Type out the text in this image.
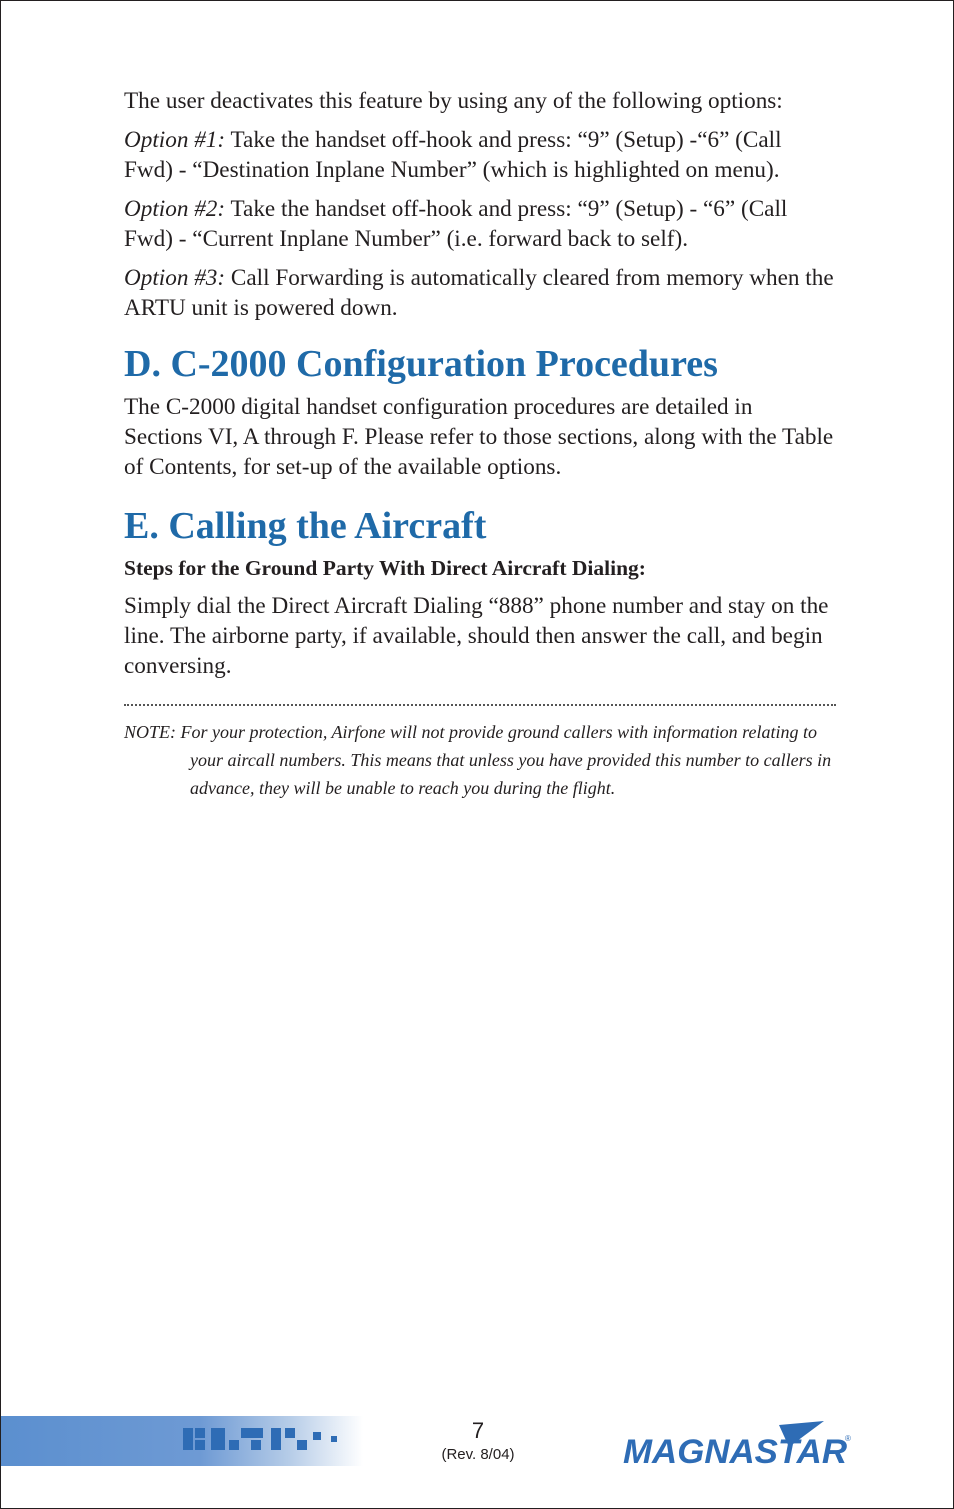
The user deactivates this feature by using any of the following options:

Option #1: Take the handset off-hook and press: “9” (Setup) -“6” (Call Fwd) - “Destination Inplane Number” (which is highlighted on menu).

Option #2: Take the handset off-hook and press: “9” (Setup) - “6” (Call Fwd) - “Current Inplane Number” (i.e. forward back to self).

Option #3: Call Forwarding is automatically cleared from memory when the ARTU unit is powered down.

D. C-2000 Configuration Procedures

The C-2000 digital handset configuration procedures are detailed in Sections VI, A through F. Please refer to those sections, along with the Table of Contents, for set-up of the available options.

E. Calling the Aircraft

Steps for the Ground Party With Direct Aircraft Dialing:

Simply dial the Direct Aircraft Dialing “888” phone number and stay on the line. The airborne party, if available, should then answer the call, and begin conversing.

NOTE: For your protection, Airfone will not provide ground callers with information relating to your aircall numbers. This means that unless you have provided this number to callers in advance, they will be unable to reach you during the flight.
7
(Rev. 8/04)	MAGNASTAR
®
